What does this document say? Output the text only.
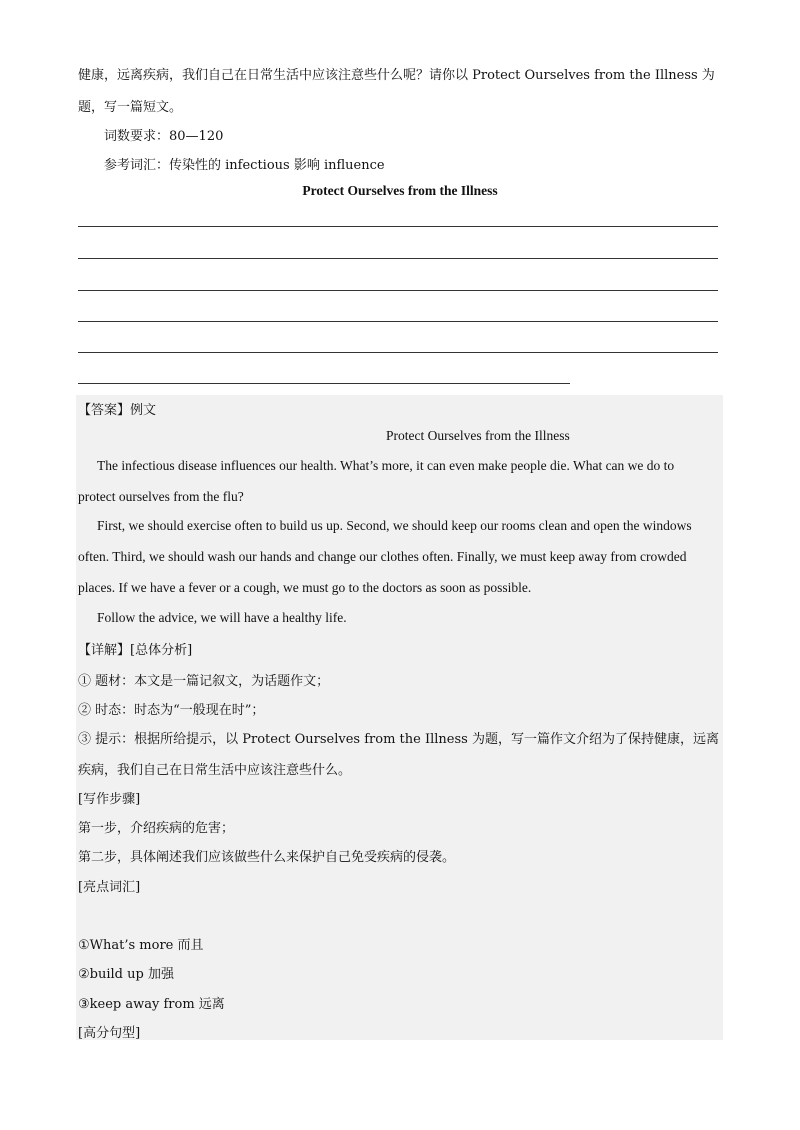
健康，远离疾病，我们自己在日常生活中应该注意些什么呢？请你以 Protect Ourselves from the Illness 为
题，写一篇短文。
词数要求：80—120
参考词汇：传染性的 infectious 影响 influence
Protect Ourselves from the Illness
【答案】例文
Protect Ourselves from the Illness
The infectious disease influences our health. What’s more, it can even make people die. What can we do to
protect ourselves from the flu?
First, we should exercise often to build us up. Second, we should keep our rooms clean and open the windows
often. Third, we should wash our hands and change our clothes often. Finally, we must keep away from crowded
places. If we have a fever or a cough, we must go to the doctors as soon as possible.
Follow the advice, we will have a healthy life.
【详解】[总体分析]
① 题材：本文是一篇记叙文，为话题作文；
② 时态：时态为“一般现在时”；
③ 提示：根据所给提示，以 Protect Ourselves from the Illness 为题，写一篇作文介绍为了保持健康，远离
疾病，我们自己在日常生活中应该注意些什么。
[写作步骤]
第一步，介绍疾病的危害；
第二步，具体阐述我们应该做些什么来保护自己免受疾病的侵袭。
[亮点词汇]
①What’s more 而且
②build up 加强
③keep away from 远离
[高分句型]
